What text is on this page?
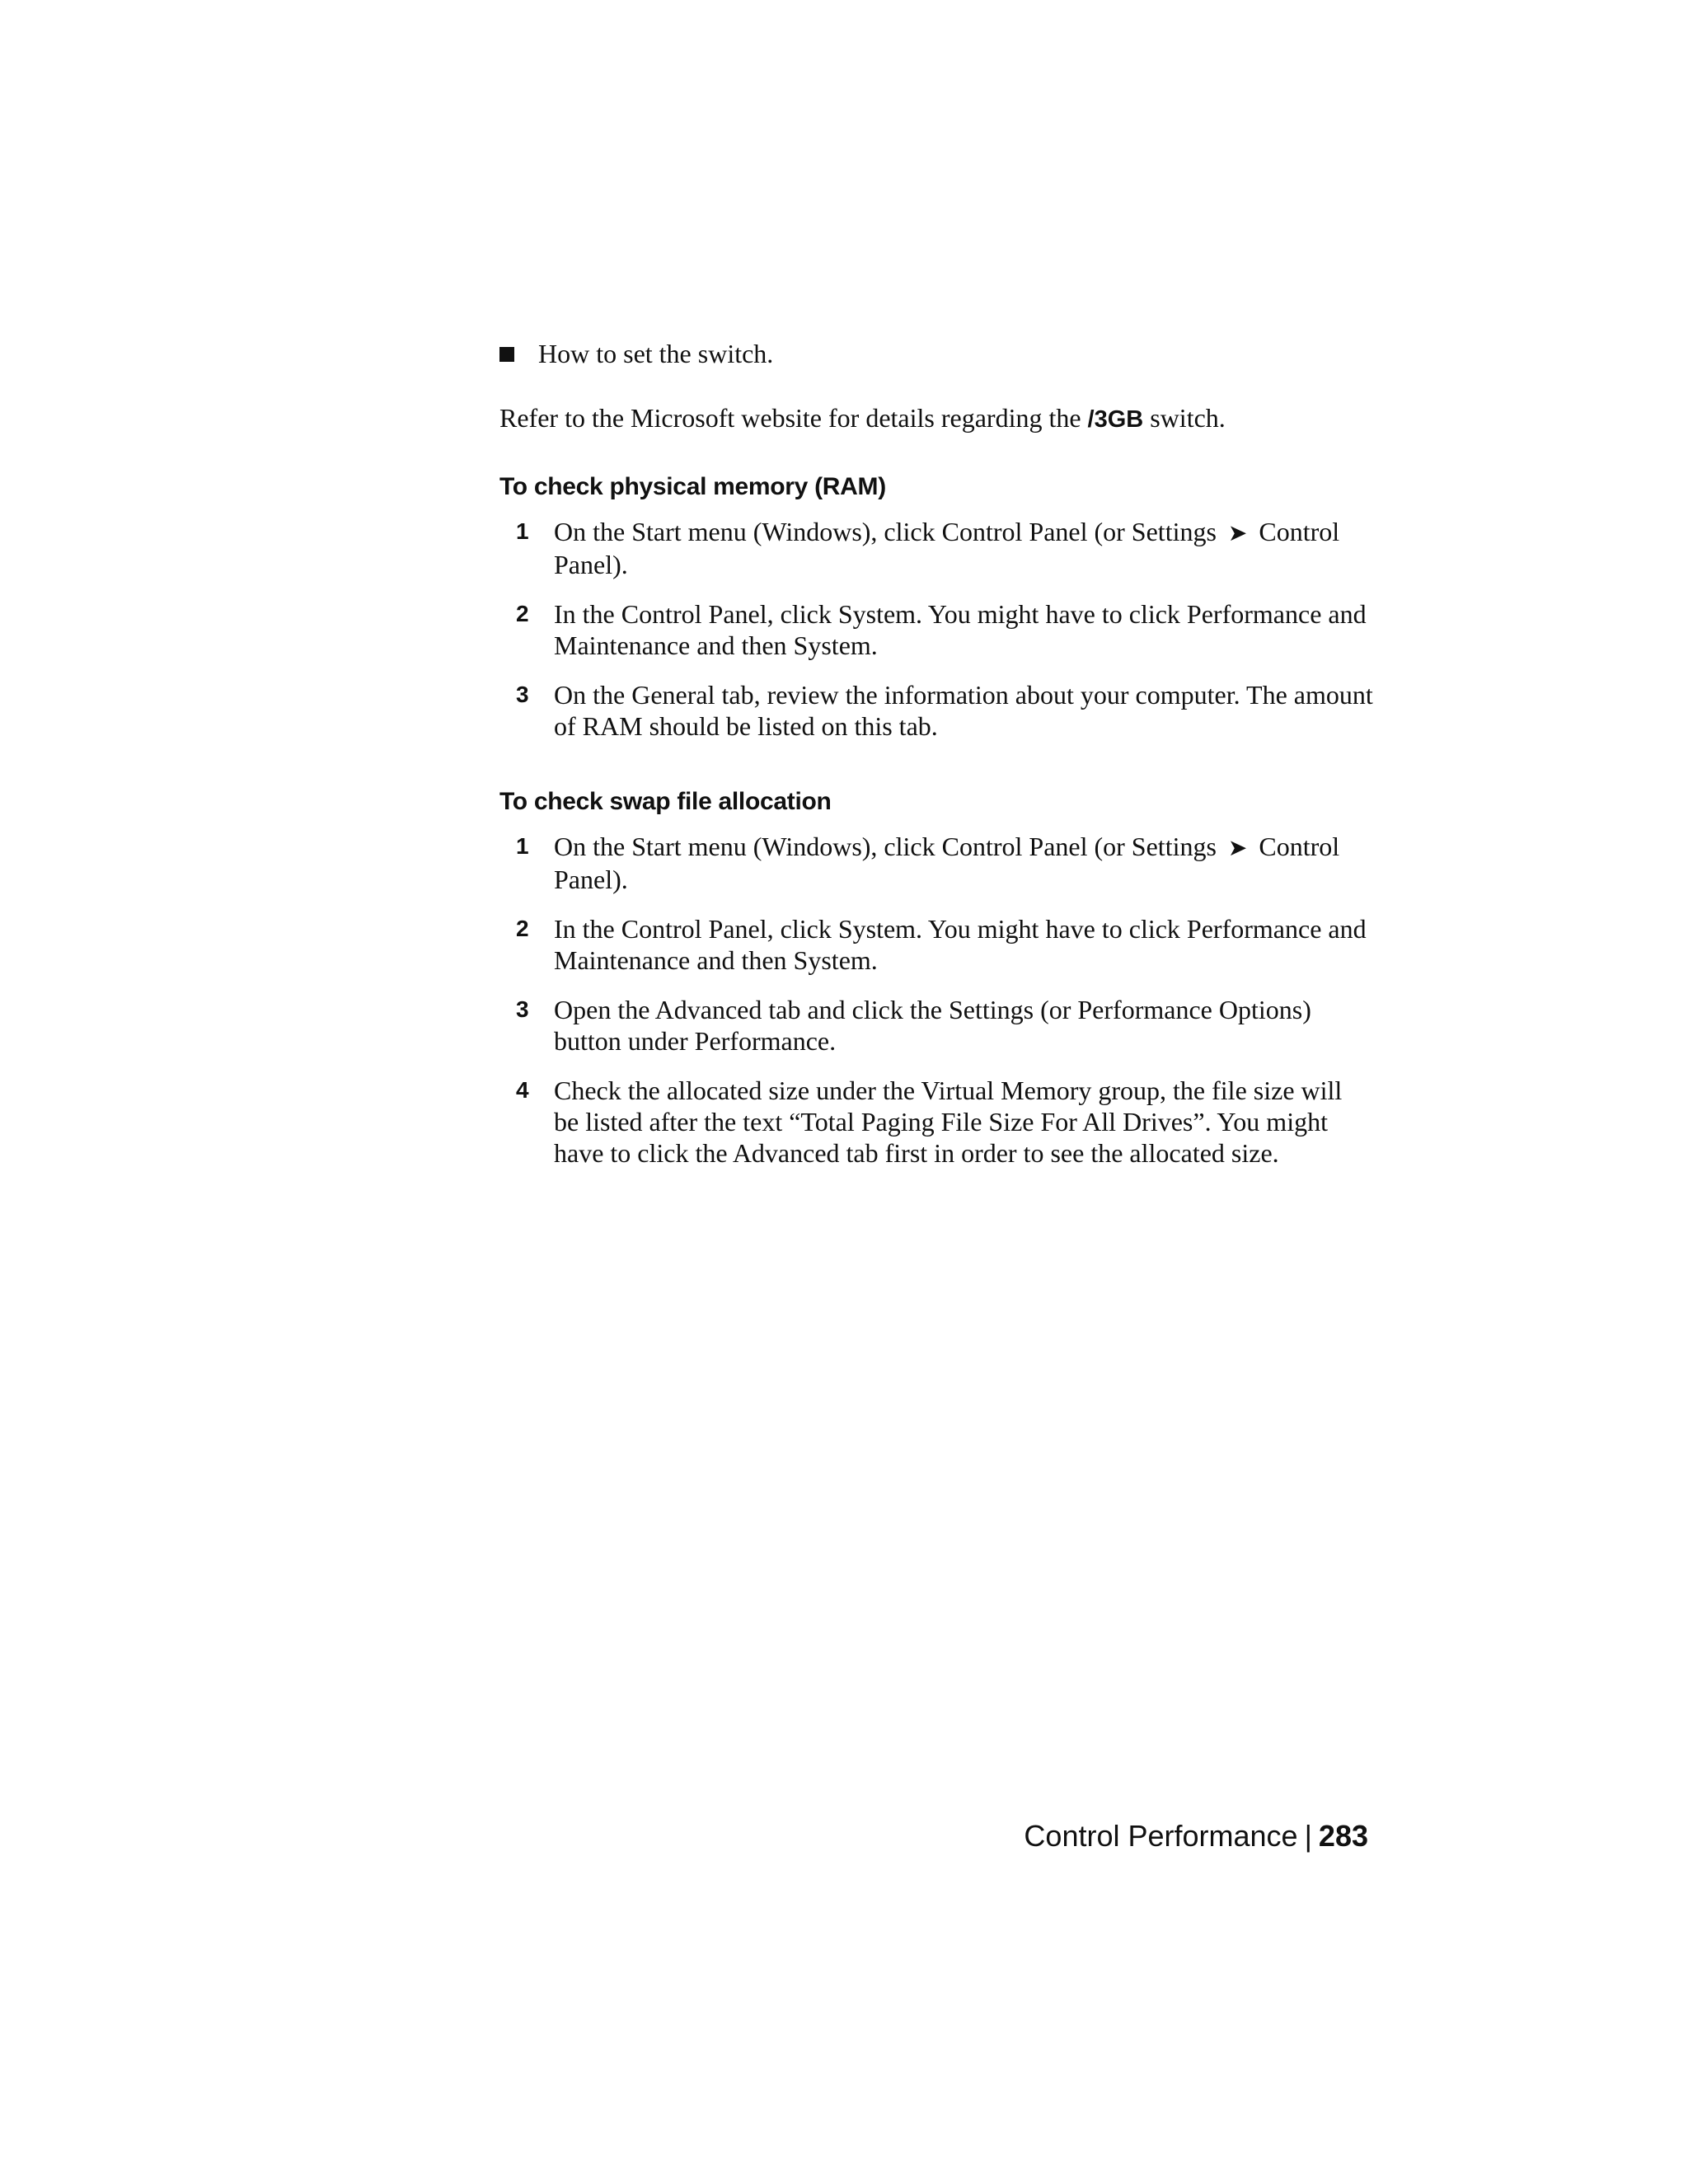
How to set the switch.

Refer to the Microsoft website for details regarding the /3GB switch.

To check physical memory (RAM)
1 On the Start menu (Windows), click Control Panel (or Settings ➤ Control Panel).
2 In the Control Panel, click System. You might have to click Performance and Maintenance and then System.
3 On the General tab, review the information about your computer. The amount of RAM should be listed on this tab.
To check swap file allocation
1 On the Start menu (Windows), click Control Panel (or Settings ➤ Control Panel).
2 In the Control Panel, click System. You might have to click Performance and Maintenance and then System.
3 Open the Advanced tab and click the Settings (or Performance Options) button under Performance.
4 Check the allocated size under the Virtual Memory group, the file size will be listed after the text “Total Paging File Size For All Drives”. You might have to click the Advanced tab first in order to see the allocated size.
Control Performance | 283
